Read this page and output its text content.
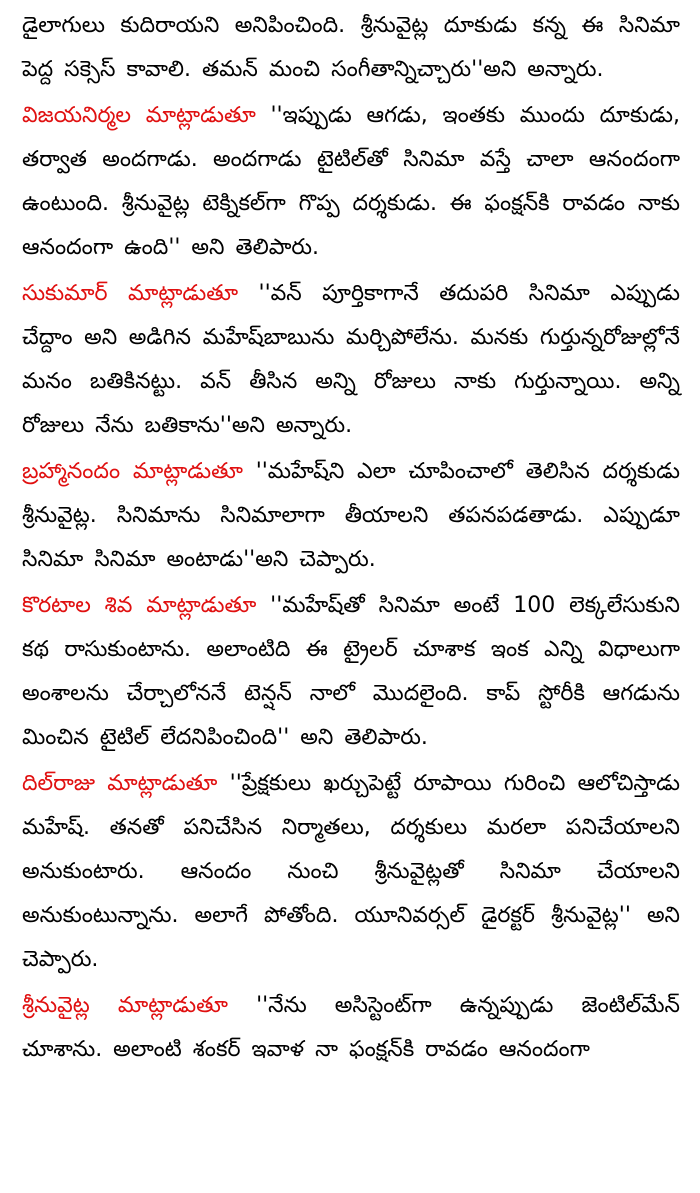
డైలాగులు కుదిరాయని అనిపించింది. శ్రీనువైట్ల దూకుడు కన్న ఈ సినిమా పెద్ద సక్సెస్ కావాలి. తమన్ మంచి సంగీతాన్నిచ్చారు''అని అన్నారు.

విజయనిర్మల మాట్లాడుతూ ''ఇప్పుడు ఆగడు, ఇంతకు ముందు దూకుడు, తర్వాత అందగాడు. అందగాడు టైటిల్‌తో సినిమా వస్తే చాలా ఆనందంగా ఉంటుంది. శ్రీనువైట్ల టెక్నికల్‌గా గొప్ప దర్శకుడు. ఈ ఫంక్షన్‌కి రావడం నాకు ఆనందంగా ఉంది'' అని తెలిపారు.

సుకుమార్ మాట్లాడుతూ ''వన్ పూర్తికాగానే తదుపరి సినిమా ఎప్పుడు చేద్దాం అని అడిగిన మహేష్‌బాబును మర్చిపోలేను. మనకు గుర్తున్నరోజుల్లోనే మనం బతికినట్టు. వన్ తీసిన అన్ని రోజులు నాకు గుర్తున్నాయి. అన్ని రోజులు నేను బతికాను''అని అన్నారు.

బ్రహ్మానందం మాట్లాడుతూ ''మహేష్‌ని ఎలా చూపించాలో తెలిసిన దర్శకుడు శ్రీనువైట్ల. సినిమాను సినిమాలాగా తీయాలని తపనపడతాడు. ఎప్పుడూ సినిమా సినిమా అంటాడు''అని చెప్పారు.

కొరటాల శివ మాట్లాడుతూ ''మహేష్‌తో సినిమా అంటే 100 లెక్కలేసుకుని కథ రాసుకుంటాను. అలాంటిది ఈ ట్రైలర్ చూశాక ఇంక ఎన్ని విధాలుగా అంశాలను చేర్చాలోననే టెన్షన్ నాలో మొదలైంది. కాప్ స్టోరీకి ఆగడును మించిన టైటిల్ లేదనిపించింది'' అని తెలిపారు.

దిల్‌రాజు మాట్లాడుతూ ''ప్రేక్షకులు ఖర్చుపెట్టే రూపాయి గురించి ఆలోచిస్తాడు మహేష్. తనతో పనిచేసిన నిర్మాతలు, దర్శకులు మరలా పనిచేయాలని అనుకుంటారు. ఆనందం నుంచి శ్రీనువైట్లతో సినిమా చేయాలని అనుకుంటున్నాను. అలాగే పోతోంది. యూనివర్సల్ డైరక్టర్ శ్రీనువైట్ల'' అని చెప్పారు.

శ్రీనువైట్ల మాట్లాడుతూ ''నేను అసిస్టెంట్‌గా ఉన్నప్పుడు జెంటిల్‌మేన్ చూశాను. అలాంటి శంకర్ ఇవాళ నా ఫంక్షన్‌కి రావడం ఆనందంగా
